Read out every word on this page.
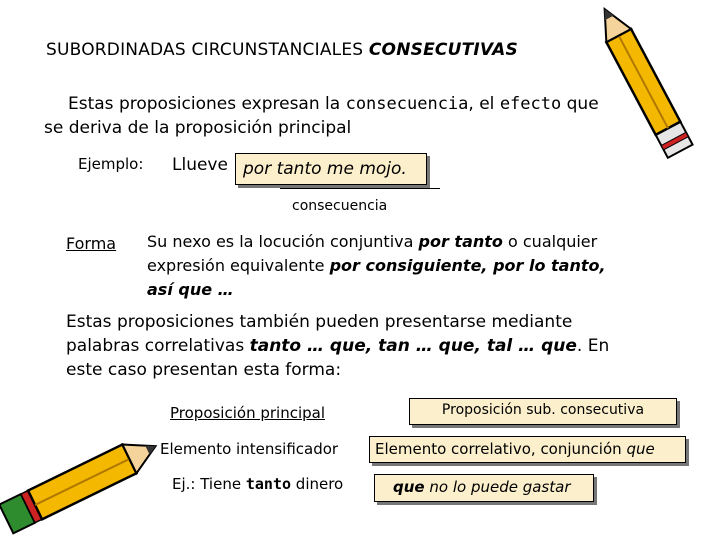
SUBORDINADAS CIRCUNSTANCIALES CONSECUTIVAS
Estas proposiciones expresan la consecuencia, el efecto que
se deriva de la proposición principal
Ejemplo: Llueve por tanto me mojo.
consecuencia
Forma Su nexo es la locución conjuntiva por tanto o cualquier
expresión equivalente por consiguiente, por lo tanto,
así que …
Estas proposiciones también pueden presentarse mediante
palabras correlativas tanto … que, tan … que, tal … que. En
este caso presentan esta forma:
Proposición principal	Proposición sub. consecutiva
Elemento intensificador	Elemento correlativo, conjunción que
Ej.: Tiene tanto dinero	que no lo puede gastar
